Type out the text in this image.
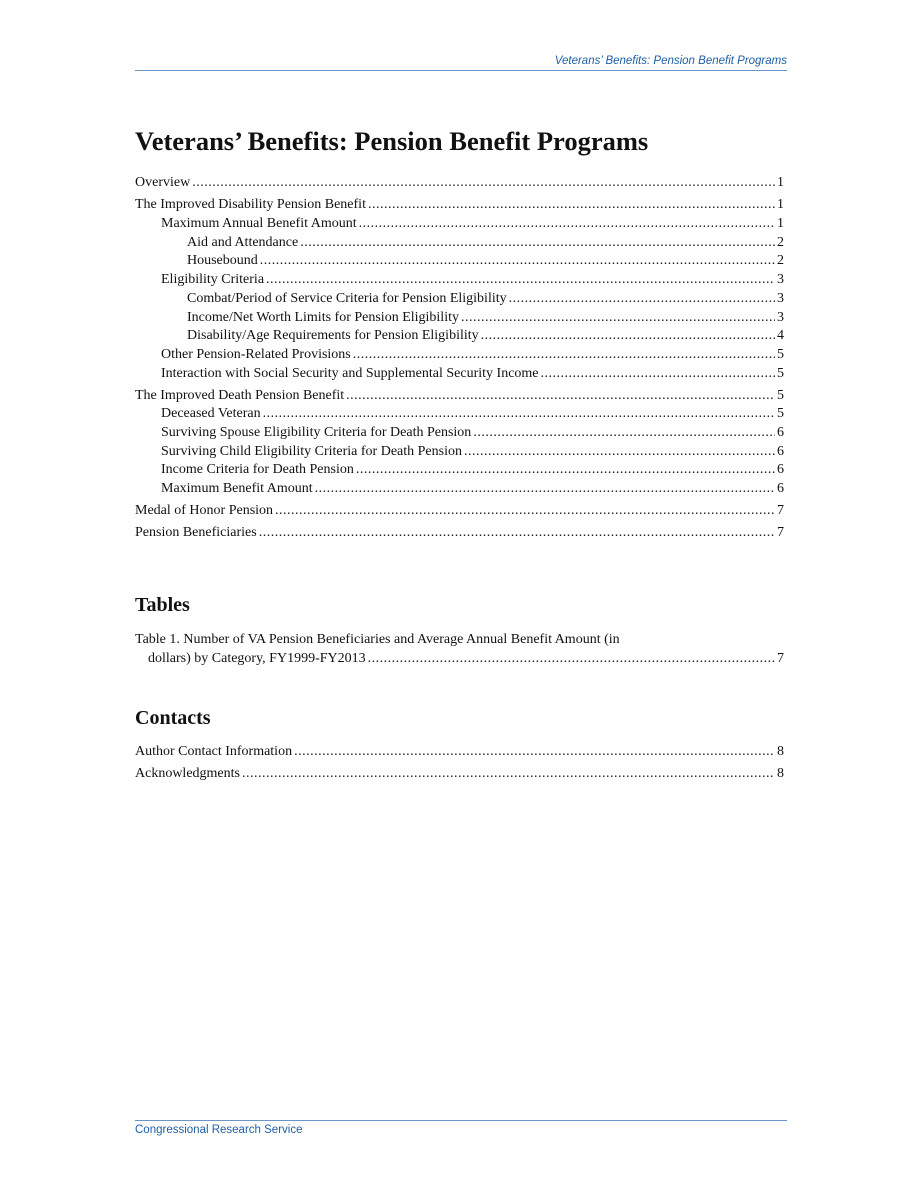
Veterans’ Benefits: Pension Benefit Programs
Veterans’ Benefits: Pension Benefit Programs
Overview .....	1
The Improved Disability Pension Benefit .....	1
Maximum Annual Benefit Amount .....	1
Aid and Attendance .....	2
Housebound .....	2
Eligibility Criteria .....	3
Combat/Period of Service Criteria for Pension Eligibility .....	3
Income/Net Worth Limits for Pension Eligibility .....	3
Disability/Age Requirements for Pension Eligibility .....	4
Other Pension-Related Provisions .....	5
Interaction with Social Security and Supplemental Security Income .....	5
The Improved Death Pension Benefit .....	5
Deceased Veteran .....	5
Surviving Spouse Eligibility Criteria for Death Pension .....	6
Surviving Child Eligibility Criteria for Death Pension .....	6
Income Criteria for Death Pension .....	6
Maximum Benefit Amount .....	6
Medal of Honor Pension .....	7
Pension Beneficiaries .....	7
Tables
Table 1. Number of VA Pension Beneficiaries and Average Annual Benefit Amount (in
dollars) by Category, FY1999-FY2013 .....	7
Contacts
Author Contact Information .....	8
Acknowledgments .....	8
Congressional Research Service
